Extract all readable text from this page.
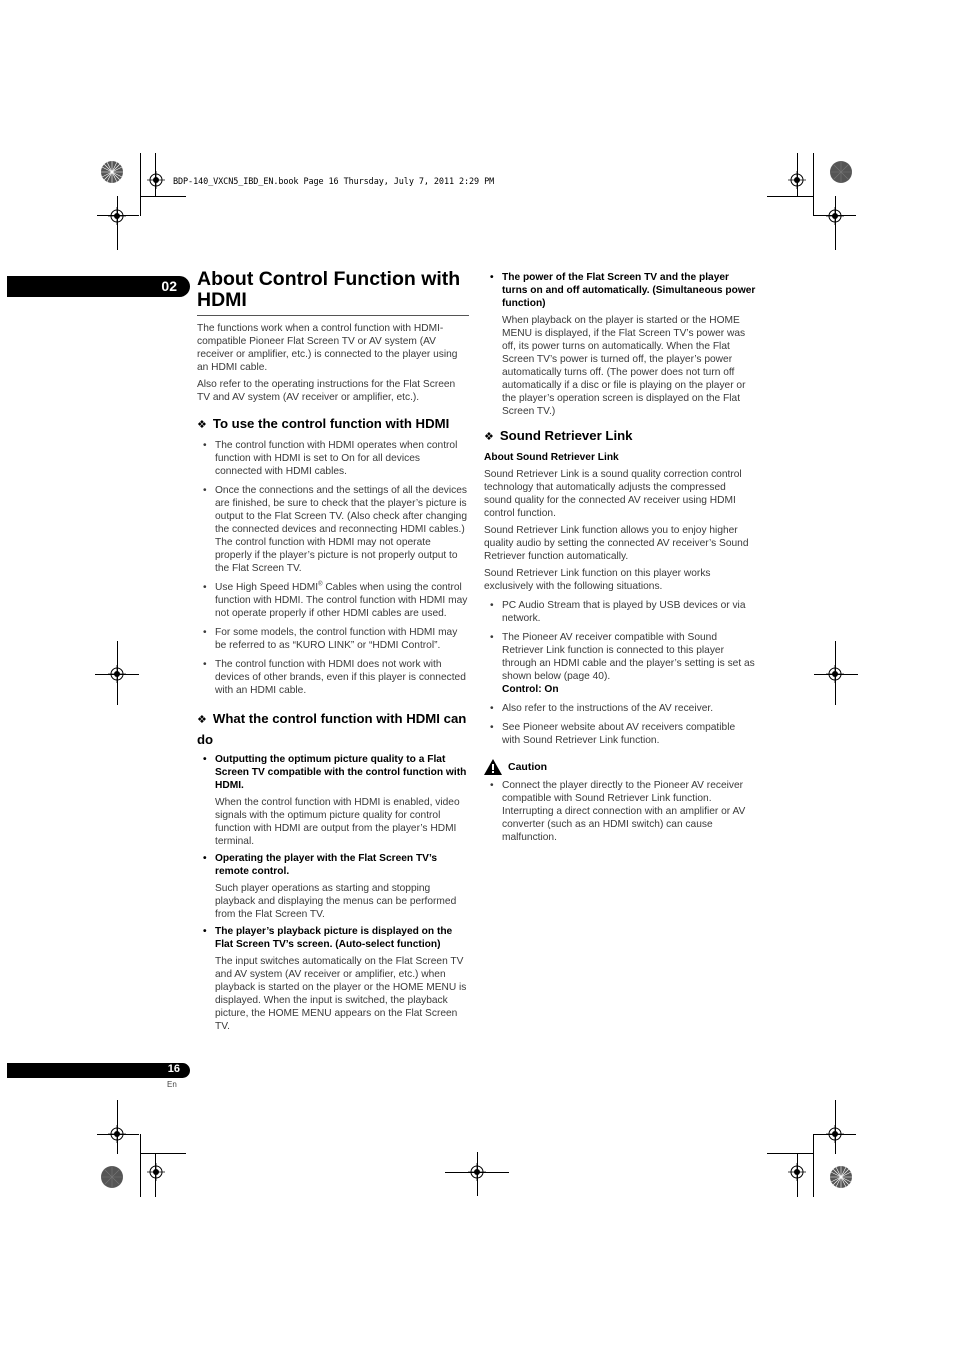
BDP-140_VXCN5_IBD_EN.book Page 16 Thursday, July 7, 2011 2:29 PM
02
16
En
About Control Function with HDMI

The functions work when a control function with HDMI-compatible Pioneer Flat Screen TV or AV system (AV receiver or amplifier, etc.) is connected to the player using an HDMI cable.

Also refer to the operating instructions for the Flat Screen TV and AV system (AV receiver or amplifier, etc.).

❖ To use the control function with HDMI
• The control function with HDMI operates when control function with HDMI is set to On for all devices connected with HDMI cables.
• Once the connections and the settings of all the devices are finished, be sure to check that the player’s picture is output to the Flat Screen TV. (Also check after changing the connected devices and reconnecting HDMI cables.) The control function with HDMI may not operate properly if the player’s picture is not properly output to the Flat Screen TV.
• Use High Speed HDMI® Cables when using the control function with HDMI. The control function with HDMI may not operate properly if other HDMI cables are used.
• For some models, the control function with HDMI may be referred to as “KURO LINK” or “HDMI Control”.
• The control function with HDMI does not work with devices of other brands, even if this player is connected with an HDMI cable.
❖ What the control function with HDMI can do

• Outputting the optimum picture quality to a Flat Screen TV compatible with the control function with HDMI.

When the control function with HDMI is enabled, video signals with the optimum picture quality for control function with HDMI are output from the player’s HDMI terminal.

• Operating the player with the Flat Screen TV’s remote control.

Such player operations as starting and stopping playback and displaying the menus can be performed from the Flat Screen TV.

• The player’s playback picture is displayed on the Flat Screen TV’s screen. (Auto-select function)

The input switches automatically on the Flat Screen TV and AV system (AV receiver or amplifier, etc.) when playback is started on the player or the HOME MENU is displayed. When the input is switched, the playback picture, the HOME MENU appears on the Flat Screen TV.

• The power of the Flat Screen TV and the player turns on and off automatically. (Simultaneous power function)

When playback on the player is started or the HOME MENU is displayed, if the Flat Screen TV’s power was off, its power turns on automatically. When the Flat Screen TV’s power is turned off, the player’s power automatically turns off. (The power does not turn off automatically if a disc or file is playing on the player or the player’s operation screen is displayed on the Flat Screen TV.)

❖ Sound Retriever Link

About Sound Retriever Link

Sound Retriever Link is a sound quality correction control technology that automatically adjusts the compressed sound quality for the connected AV receiver using HDMI control function.

Sound Retriever Link function allows you to enjoy higher quality audio by setting the connected AV receiver’s Sound Retriever function automatically.

Sound Retriever Link function on this player works exclusively with the following situations.

• PC Audio Stream that is played by USB devices or via network.
• The Pioneer AV receiver compatible with Sound Retriever Link function is connected to this player through an HDMI cable and the player’s setting is set as shown below (page 40).
Control: On
• Also refer to the instructions of the AV receiver.
• See Pioneer website about AV receivers compatible with Sound Retriever Link function.
Caution
• Connect the player directly to the Pioneer AV receiver compatible with Sound Retriever Link function. Interrupting a direct connection with an amplifier or AV converter (such as an HDMI switch) can cause malfunction.
